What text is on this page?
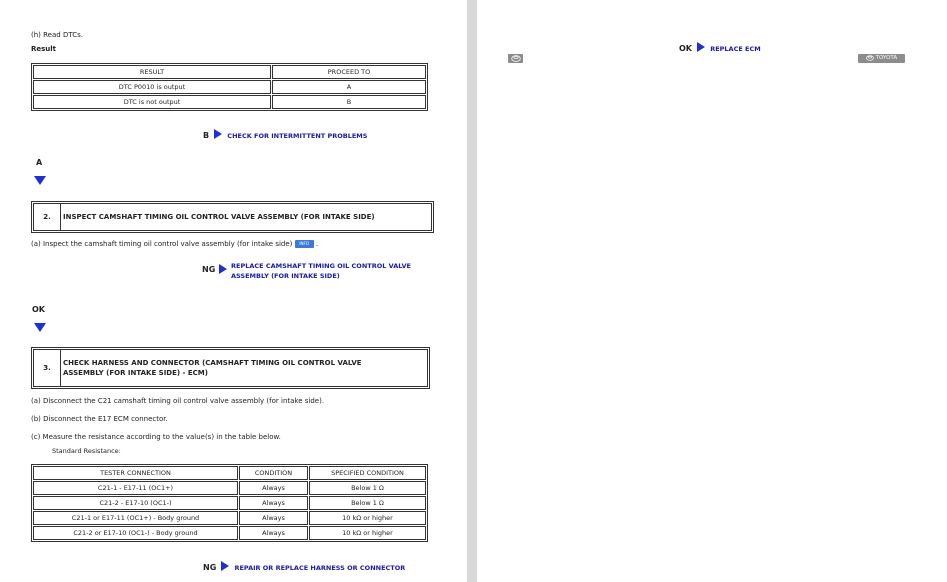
(h) Read DTCs.
Result
RESULT	PROCEED TO
DTC P0010 is output	A
DTC is not output	B
B	CHECK FOR INTERMITTENT PROBLEMS
A
2.	INSPECT CAMSHAFT TIMING OIL CONTROL VALVE ASSEMBLY (FOR INTAKE SIDE)
(a) Inspect the camshaft timing oil control valve assembly (for intake side) INFO .
NG REPLACE CAMSHAFT TIMING OIL CONTROL VALVE
ASSEMBLY (FOR INTAKE SIDE)
OK
3.
CHECK HARNESS AND CONNECTOR (CAMSHAFT TIMING OIL CONTROL VALVE
ASSEMBLY (FOR INTAKE SIDE) - ECM)
(a) Disconnect the C21 camshaft timing oil control valve assembly (for intake side).
(b) Disconnect the E17 ECM connector.
(c) Measure the resistance according to the value(s) in the table below.
Standard Resistance:
TESTER CONNECTION	CONDITION	SPECIFIED CONDITION
C21-1 - E17-11 (OC1+)	Always	Below 1 Ω
C21-2 - E17-10 (OC1-)	Always	Below 1 Ω
C21-1 or E17-11 (OC1+) - Body ground	Always	10 kΩ or higher
C21-2 or E17-10 (OC1-) - Body ground	Always	10 kΩ or higher
NG	REPAIR OR REPLACE HARNESS OR CONNECTOR
OK	REPLACE ECM
TOYOTA
